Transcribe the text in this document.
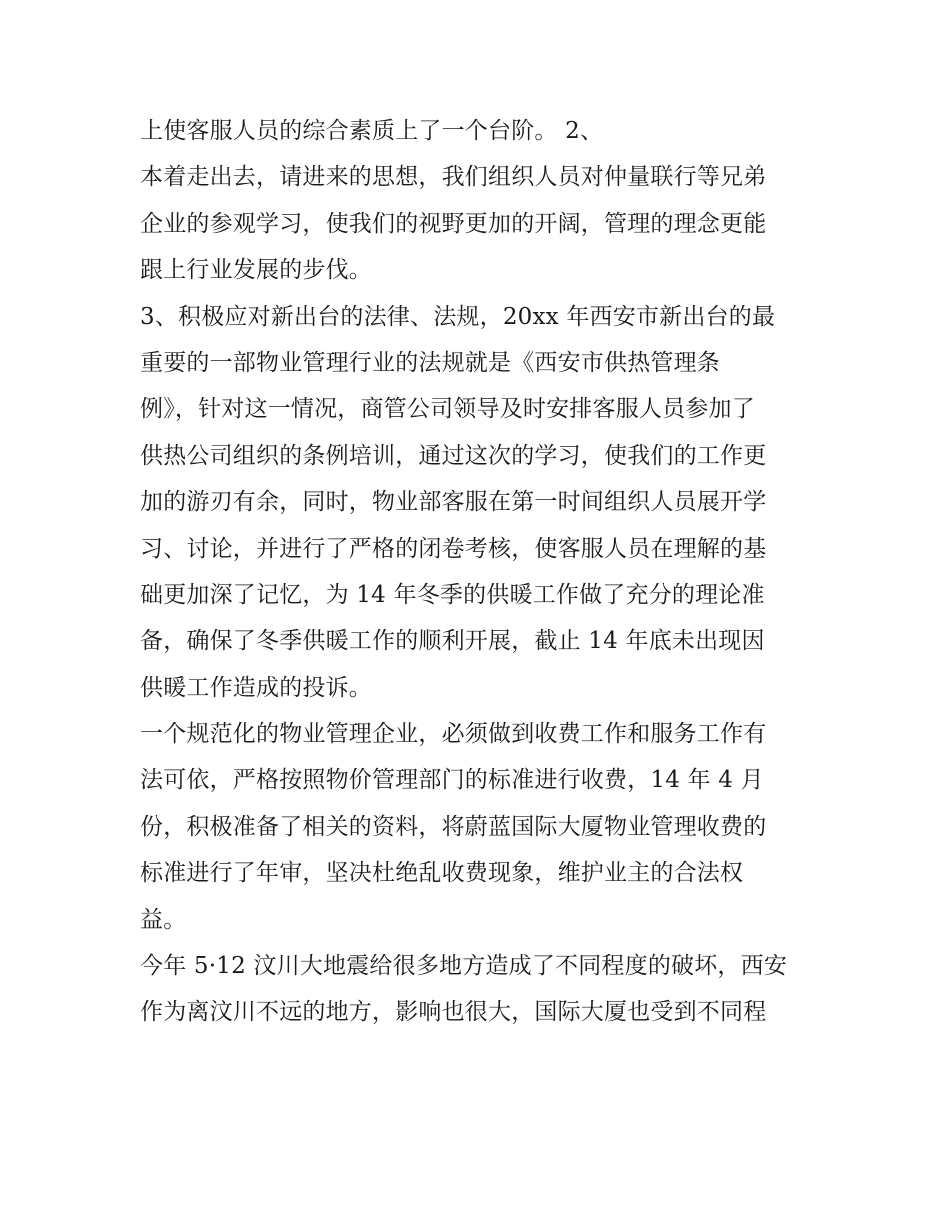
上使客服人员的综合素质上了一个台阶。 2、
本着走出去，请进来的思想，我们组织人员对仲量联行等兄弟
企业的参观学习，使我们的视野更加的开阔，管理的理念更能
跟上行业发展的步伐。
3、积极应对新出台的法律、法规，20xx 年西安市新出台的最
重要的一部物业管理行业的法规就是《西安市供热管理条
例》，针对这一情况，商管公司领导及时安排客服人员参加了
供热公司组织的条例培训，通过这次的学习，使我们的工作更
加的游刃有余，同时，物业部客服在第一时间组织人员展开学
习、讨论，并进行了严格的闭卷考核，使客服人员在理解的基
础更加深了记忆，为 14 年冬季的供暖工作做了充分的理论准
备，确保了冬季供暖工作的顺利开展，截止 14 年底未出现因
供暖工作造成的投诉。
一个规范化的物业管理企业，必须做到收费工作和服务工作有
法可依，严格按照物价管理部门的标准进行收费，14 年 4 月
份，积极准备了相关的资料，将蔚蓝国际大厦物业管理收费的
标准进行了年审，坚决杜绝乱收费现象，维护业主的合法权
益。
今年 5·12 汶川大地震给很多地方造成了不同程度的破坏，西安
作为离汶川不远的地方，影响也很大，国际大厦也受到不同程
